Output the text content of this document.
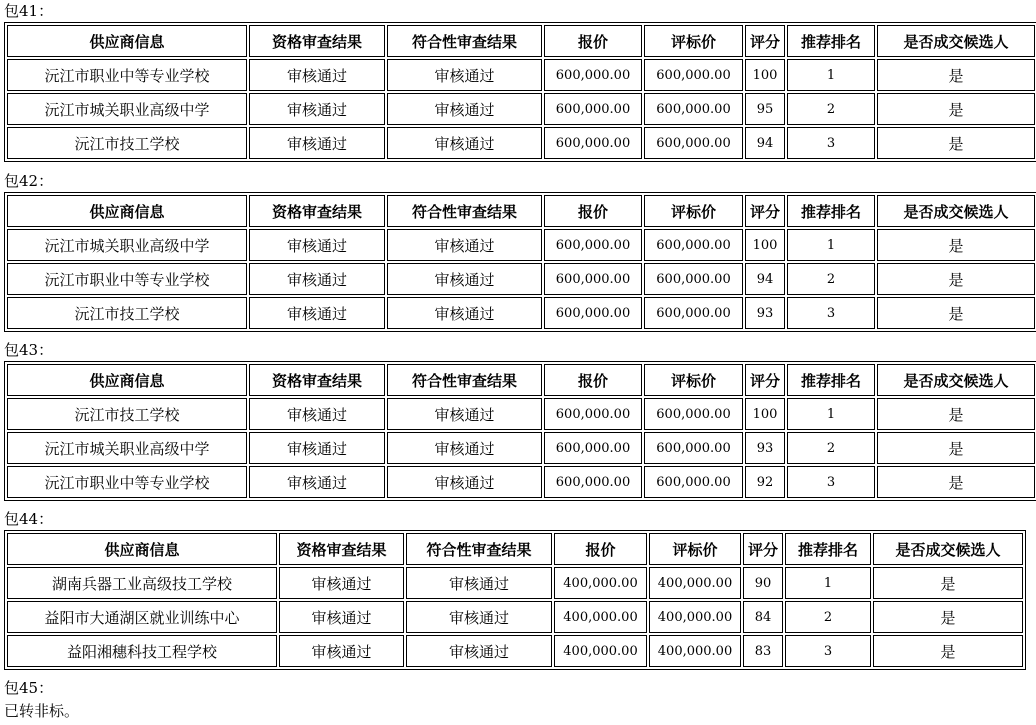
包41：
供应商信息	资格审查结果	符合性审查结果	报价	评标价	评分	推荐排名	是否成交候选人
沅江市职业中等专业学校	审核通过	审核通过	600,000.00	600,000.00	100	1	是
沅江市城关职业高级中学	审核通过	审核通过	600,000.00	600,000.00	95	2	是
沅江市技工学校	审核通过	审核通过	600,000.00	600,000.00	94	3	是
包42：
供应商信息	资格审查结果	符合性审查结果	报价	评标价	评分	推荐排名	是否成交候选人
沅江市城关职业高级中学	审核通过	审核通过	600,000.00	600,000.00	100	1	是
沅江市职业中等专业学校	审核通过	审核通过	600,000.00	600,000.00	94	2	是
沅江市技工学校	审核通过	审核通过	600,000.00	600,000.00	93	3	是
包43：
供应商信息	资格审查结果	符合性审查结果	报价	评标价	评分	推荐排名	是否成交候选人
沅江市技工学校	审核通过	审核通过	600,000.00	600,000.00	100	1	是
沅江市城关职业高级中学	审核通过	审核通过	600,000.00	600,000.00	93	2	是
沅江市职业中等专业学校	审核通过	审核通过	600,000.00	600,000.00	92	3	是
包44：
供应商信息	资格审查结果	符合性审查结果	报价	评标价	评分	推荐排名	是否成交候选人
湖南兵器工业高级技工学校	审核通过	审核通过	400,000.00	400,000.00	90	1	是
益阳市大通湖区就业训练中心	审核通过	审核通过	400,000.00	400,000.00	84	2	是
益阳湘穗科技工程学校	审核通过	审核通过	400,000.00	400,000.00	83	3	是
包45：
已转非标。
